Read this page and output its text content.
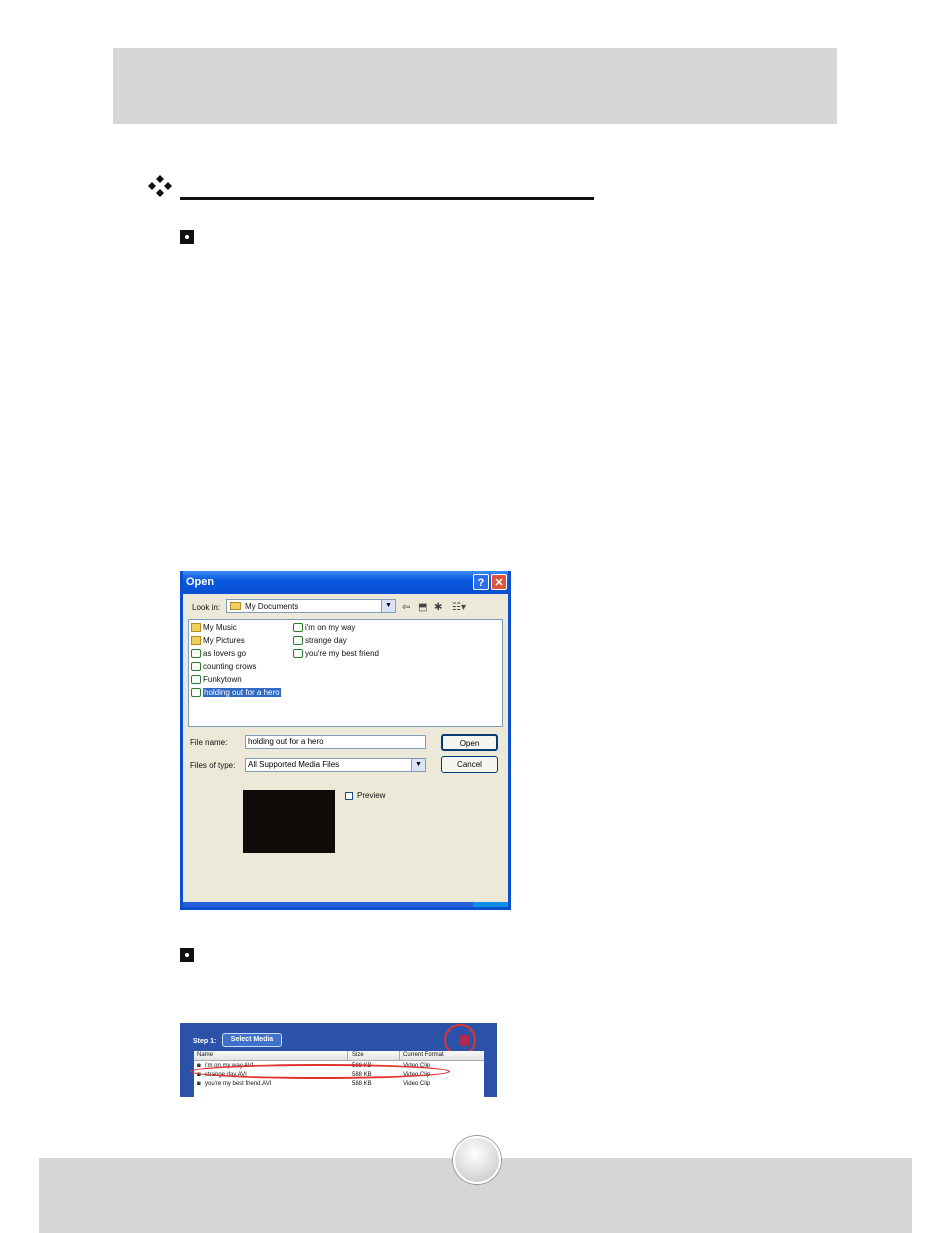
Open	? ✕
Look in:	My Documents	▼	⇦ ⬒ ✱ ☷▾
My Music
My Pictures
as lovers go
counting crows
Funkytown
holding out for a hero
i'm on my way
strange day
you're my best friend
File name:	holding out for a hero	Open
Files of type:	All Supported Media Files	▼	Cancel
Preview
Step 1:	Select Media
Name	Size	Current Format
◙ i'm on my way.AVI	588 KB	Video Clip
◙ strange day.AVI	588 KB	Video Clip
◙ you're my best friend.AVI	588 KB	Video Clip
